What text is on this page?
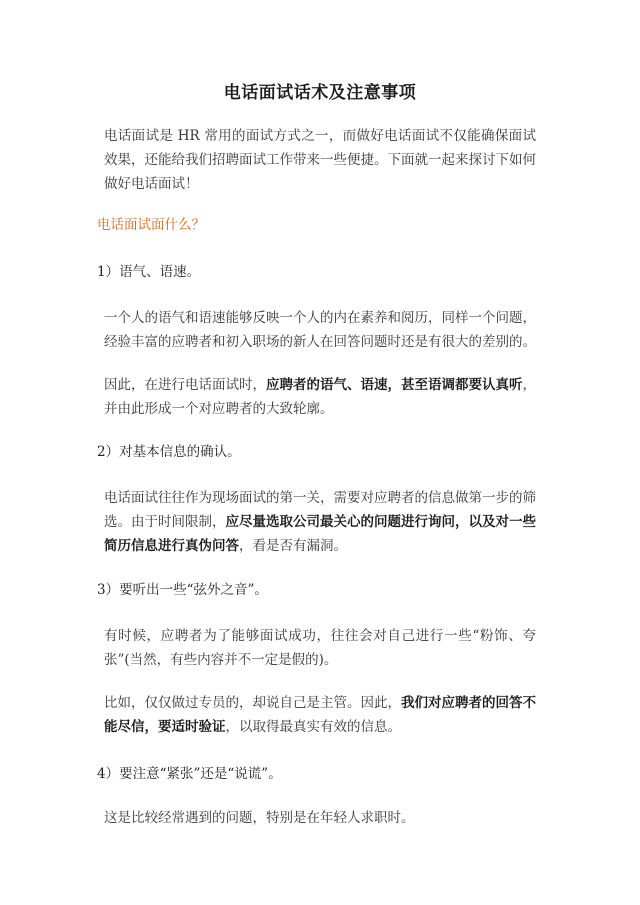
电话面试话术及注意事项
电话面试是 HR 常用的面试方式之一，而做好电话面试不仅能确保面试效果，还能给我们招聘面试工作带来一些便捷。下面就一起来探讨下如何做好电话面试！
电话面试面什么？
1）语气、语速。
一个人的语气和语速能够反映一个人的内在素养和阅历，同样一个问题，经验丰富的应聘者和初入职场的新人在回答问题时还是有很大的差别的。
因此，在进行电话面试时，应聘者的语气、语速，甚至语调都要认真听，并由此形成一个对应聘者的大致轮廓。
2）对基本信息的确认。
电话面试往往作为现场面试的第一关，需要对应聘者的信息做第一步的筛选。由于时间限制，应尽量选取公司最关心的问题进行询问，以及对一些简历信息进行真伪问答，看是否有漏洞。
3）要听出一些“弦外之音”。
有时候，应聘者为了能够面试成功，往往会对自己进行一些“粉饰、夸张”(当然，有些内容并不一定是假的)。
比如，仅仅做过专员的，却说自己是主管。因此，我们对应聘者的回答不能尽信，要适时验证，以取得最真实有效的信息。
4）要注意“紧张”还是“说谎”。
这是比较经常遇到的问题，特别是在年轻人求职时。
